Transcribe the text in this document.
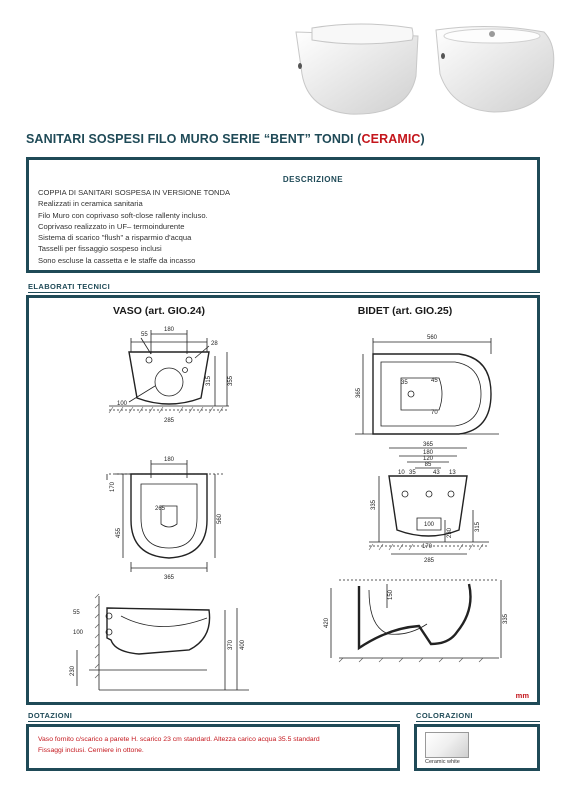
SANITARI SOSPESI FILO MURO SERIE “BENT” TONDI (CERAMIC)
DESCRIZIONE
COPPIA DI SANITARI SOSPESA IN VERSIONE TONDA
Realizzati in ceramica sanitaria
Filo Muro con coprivaso soft-close rallenty incluso.
Coprivaso realizzato in UF– termoindurente
Sistema di scarico "flush" a risparmio d'acqua
Tasselli per fissaggio sospeso inclusi
Sono escluse la cassetta e le staffe da incasso
ELABORATI TECNICI
VASO (art. GIO.24)	BIDET (art. GIO.25)
180
55
28
100
315	355
285
180
170
455
560
265
365
55
100
230
370 400
560
365
35	45
70
365
180
120
85
10 35	43 13
335
100	315
170
230
285
150
420	335
mm
DOTAZIONI
Vaso fornito c/scarico a parete H. scarico 23 cm standard. Altezza carico acqua 35.5 standard
Fissaggi inclusi. Cerniere in ottone.
COLORAZIONI
Ceramic white
